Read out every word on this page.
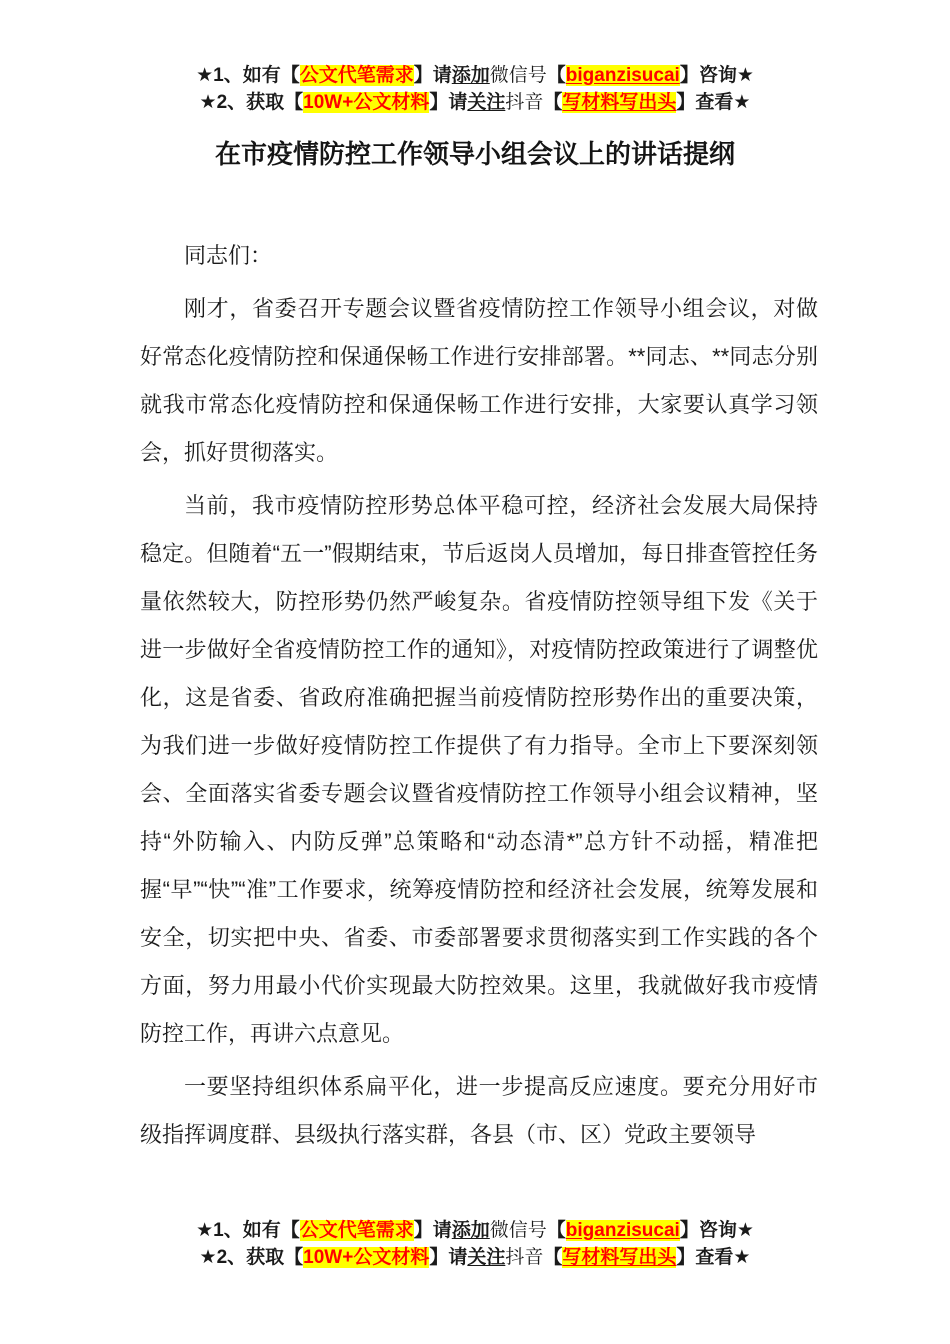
★1、如有【公文代笔需求】请添加微信号【biganzisucai】咨询★
★2、获取【10W+公文材料】请关注抖音【写材料写出头】查看★
在市疫情防控工作领导小组会议上的讲话提纲

同志们：

刚才，省委召开专题会议暨省疫情防控工作领导小组会议，对做好常态化疫情防控和保通保畅工作进行安排部署。**同志、**同志分别就我市常态化疫情防控和保通保畅工作进行安排，大家要认真学习领会，抓好贯彻落实。

当前，我市疫情防控形势总体平稳可控，经济社会发展大局保持稳定。但随着“五一”假期结束，节后返岗人员增加，每日排查管控任务量依然较大，防控形势仍然严峻复杂。省疫情防控领导组下发《关于进一步做好全省疫情防控工作的通知》，对疫情防控政策进行了调整优化，这是省委、省政府准确把握当前疫情防控形势作出的重要决策，为我们进一步做好疫情防控工作提供了有力指导。全市上下要深刻领会、全面落实省委专题会议暨省疫情防控工作领导小组会议精神，坚持“外防输入、内防反弹”总策略和“动态清*”总方针不动摇，精准把握“早”“快”“准”工作要求，统筹疫情防控和经济社会发展，统筹发展和安全，切实把中央、省委、市委部署要求贯彻落实到工作实践的各个方面，努力用最小代价实现最大防控效果。这里，我就做好我市疫情防控工作，再讲六点意见。

一要坚持组织体系扁平化，进一步提高反应速度。要充分用好市级指挥调度群、县级执行落实群，各县（市、区）党政主要领导

★1、如有【公文代笔需求】请添加微信号【biganzisucai】咨询★
★2、获取【10W+公文材料】请关注抖音【写材料写出头】查看★
